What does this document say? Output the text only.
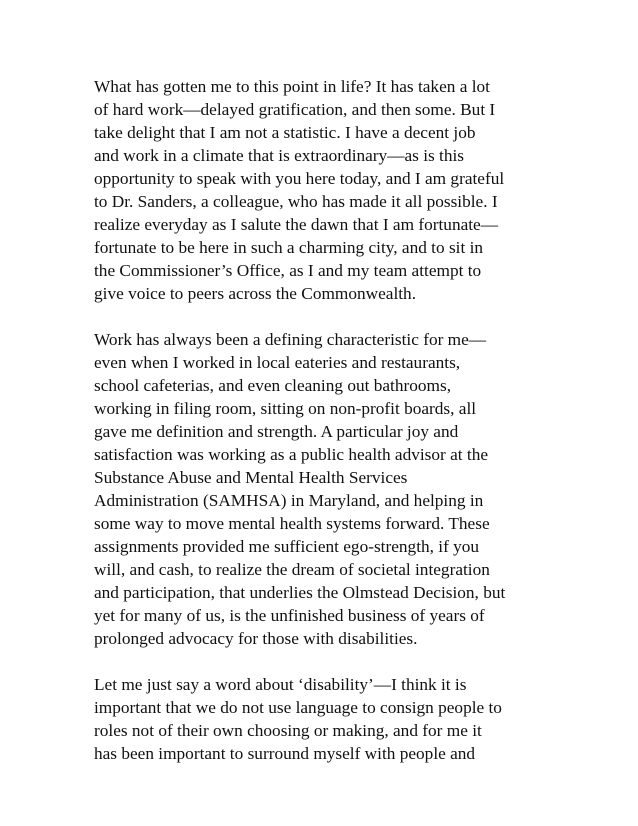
What has gotten me to this point in life? It has taken a lot
of hard work—delayed gratification, and then some. But I
take delight that I am not a statistic. I have a decent job
and work in a climate that is extraordinary—as is this
opportunity to speak with you here today, and I am grateful
to Dr. Sanders, a colleague, who has made it all possible. I
realize everyday as I salute the dawn that I am fortunate—
fortunate to be here in such a charming city, and to sit in
the Commissioner’s Office, as I and my team attempt to
give voice to peers across the Commonwealth.

Work has always been a defining characteristic for me—
even when I worked in local eateries and restaurants,
school cafeterias, and even cleaning out bathrooms,
working in filing room, sitting on non-profit boards, all
gave me definition and strength. A particular joy and
satisfaction was working as a public health advisor at the
Substance Abuse and Mental Health Services
Administration (SAMHSA) in Maryland, and helping in
some way to move mental health systems forward. These
assignments provided me sufficient ego-strength, if you
will, and cash, to realize the dream of societal integration
and participation, that underlies the Olmstead Decision, but
yet for many of us, is the unfinished business of years of
prolonged advocacy for those with disabilities.

Let me just say a word about ‘disability’—I think it is
important that we do not use language to consign people to
roles not of their own choosing or making, and for me it
has been important to surround myself with people and
